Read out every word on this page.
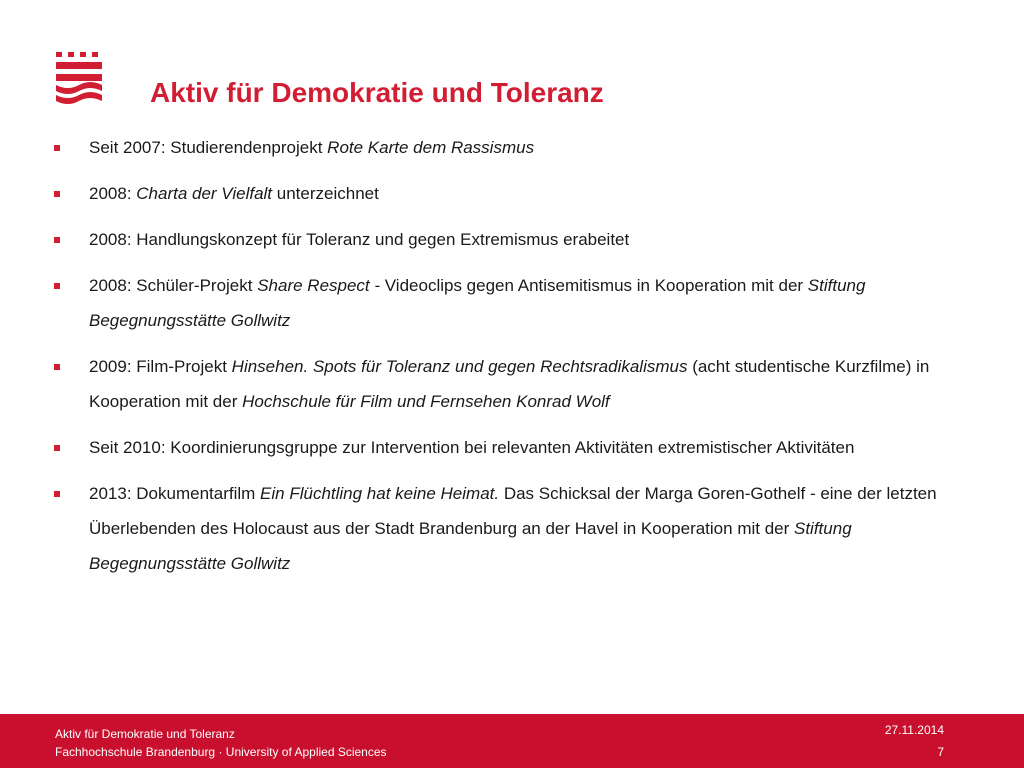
Aktiv für Demokratie und Toleranz
Seit 2007: Studierendenprojekt Rote Karte dem Rassismus
2008: Charta der Vielfalt unterzeichnet
2008: Handlungskonzept für Toleranz und gegen Extremismus erabeitet
2008: Schüler-Projekt Share Respect - Videoclips gegen Antisemitismus in Kooperation mit der Stiftung Begegnungsstätte Gollwitz
2009: Film-Projekt Hinsehen. Spots für Toleranz und gegen Rechtsradikalismus (acht studentische Kurzfilme) in Kooperation mit der Hochschule für Film und Fernsehen Konrad Wolf
Seit 2010: Koordinierungsgruppe zur Intervention bei relevanten Aktivitäten extremistischer Aktivitäten
2013: Dokumentarfilm Ein Flüchtling hat keine Heimat. Das Schicksal der Marga Goren-Gothelf - eine der letzten Überlebenden des Holocaust aus der Stadt Brandenburg an der Havel in Kooperation mit der Stiftung Begegnungsstätte Gollwitz
Aktiv für Demokratie und Toleranz
Fachhochschule Brandenburg · University of Applied Sciences
27.11.2014
7
